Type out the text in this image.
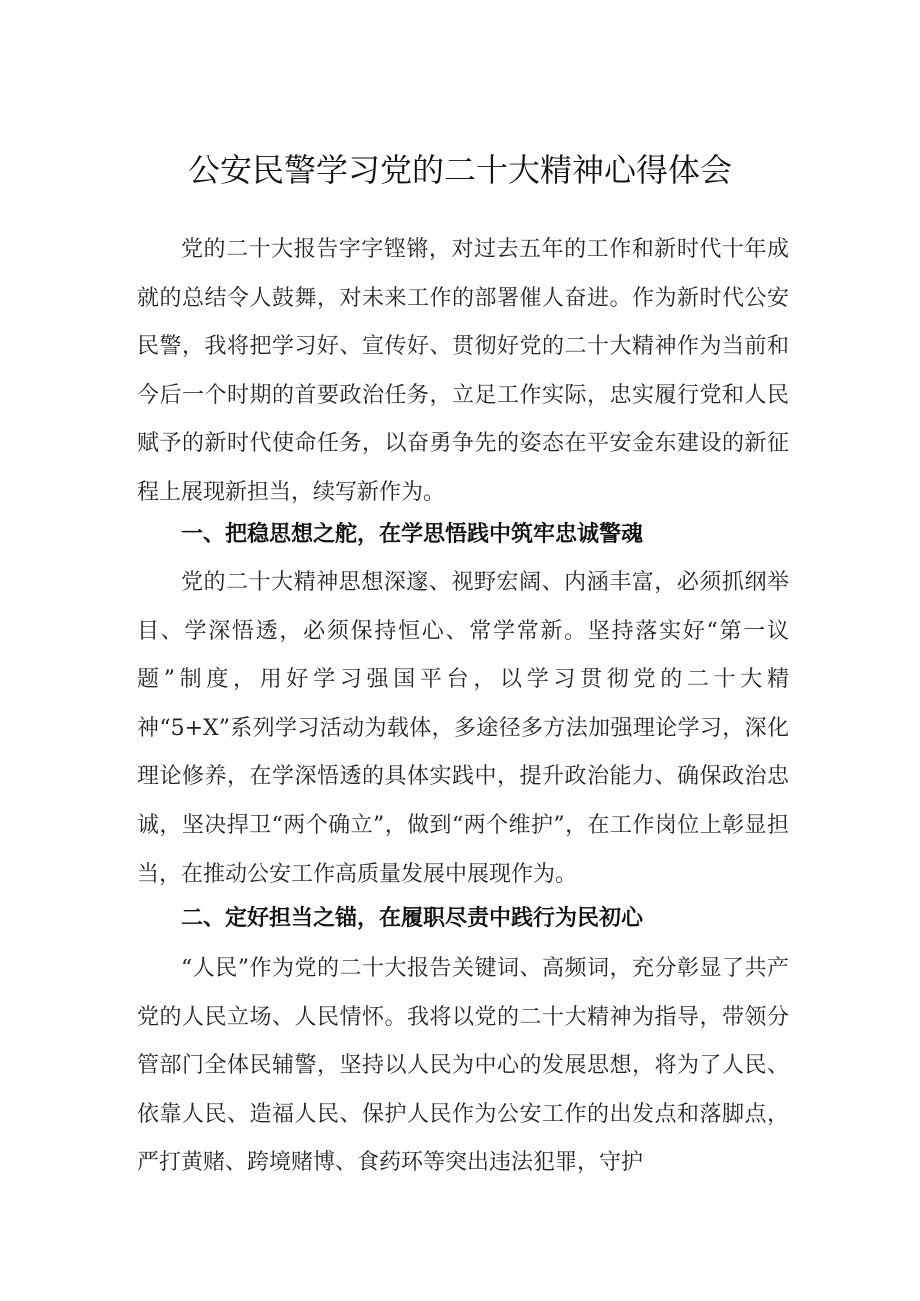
公安民警学习党的二十大精神心得体会

党的二十大报告字字铿锵，对过去五年的工作和新时代十年成就的总结令人鼓舞，对未来工作的部署催人奋进。作为新时代公安民警，我将把学习好、宣传好、贯彻好党的二十大精神作为当前和今后一个时期的首要政治任务，立足工作实际，忠实履行党和人民赋予的新时代使命任务，以奋勇争先的姿态在平安金东建设的新征程上展现新担当，续写新作为。

一、把稳思想之舵，在学思悟践中筑牢忠诚警魂

党的二十大精神思想深邃、视野宏阔、内涵丰富，必须抓纲举目、学深悟透，必须保持恒心、常学常新。坚持落实好“第一议题”制度，用好学习强国平台，以学习贯彻党的二十大精神“5+X”系列学习活动为载体，多途径多方法加强理论学习，深化理论修养，在学深悟透的具体实践中，提升政治能力、确保政治忠诚，坚决捍卫“两个确立”，做到“两个维护”，在工作岗位上彰显担当，在推动公安工作高质量发展中展现作为。

二、定好担当之锚，在履职尽责中践行为民初心

“人民”作为党的二十大报告关键词、高频词，充分彰显了共产党的人民立场、人民情怀。我将以党的二十大精神为指导，带领分管部门全体民辅警，坚持以人民为中心的发展思想，将为了人民、依靠人民、造福人民、保护人民作为公安工作的出发点和落脚点，严打黄赌、跨境赌博、食药环等突出违法犯罪，守护
